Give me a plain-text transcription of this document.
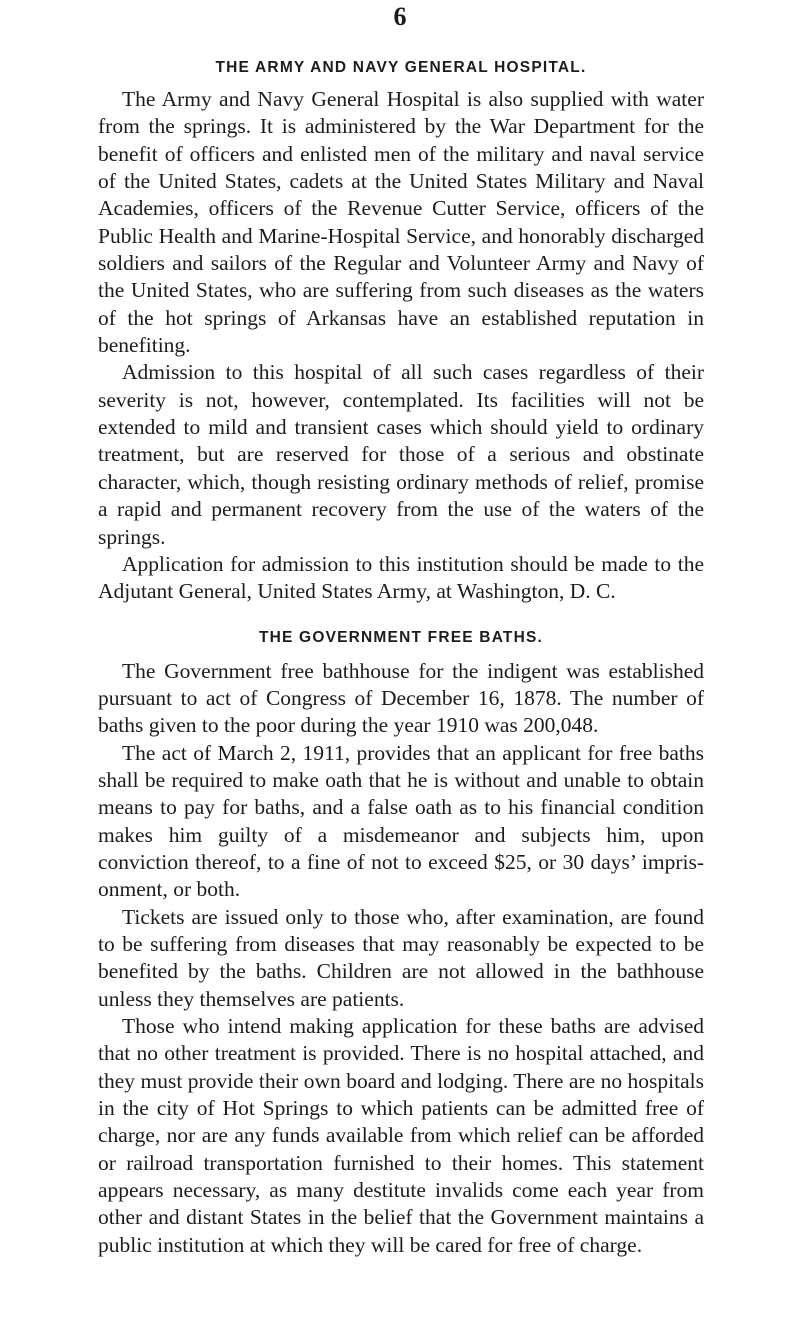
6
THE ARMY AND NAVY GENERAL HOSPITAL.

The Army and Navy General Hospital is also supplied with water from the springs. It is administered by the War Department for the benefit of officers and enlisted men of the military and naval service of the United States, cadets at the United States Military and Naval Academies, officers of the Revenue Cutter Service, officers of the Public Health and Marine-Hospital Service, and honorably discharged soldiers and sailors of the Regular and Volunteer Army and Navy of the United States, who are suffering from such diseases as the waters of the hot springs of Arkansas have an established reputation in benefiting.

Admission to this hospital of all such cases regardless of their severity is not, however, contemplated. Its facilities will not be extended to mild and transient cases which should yield to ordinary treatment, but are reserved for those of a serious and obstinate character, which, though resisting ordinary methods of relief, promise a rapid and permanent recovery from the use of the waters of the springs.

Application for admission to this institution should be made to the Adjutant General, United States Army, at Washington, D. C.

THE GOVERNMENT FREE BATHS.

The Government free bathhouse for the indigent was established pursuant to act of Congress of December 16, 1878. The number of baths given to the poor during the year 1910 was 200,048.

The act of March 2, 1911, provides that an applicant for free baths shall be required to make oath that he is without and unable to obtain means to pay for baths, and a false oath as to his financial condition makes him guilty of a misdemeanor and subjects him, upon conviction thereof, to a fine of not to exceed $25, or 30 days’ imprisonment, or both.

Tickets are issued only to those who, after examination, are found to be suffering from diseases that may reasonably be expected to be benefited by the baths. Children are not allowed in the bathhouse unless they themselves are patients.

Those who intend making application for these baths are advised that no other treatment is provided. There is no hospital attached, and they must provide their own board and lodging. There are no hospitals in the city of Hot Springs to which patients can be admitted free of charge, nor are any funds available from which relief can be afforded or railroad transportation furnished to their homes. This statement appears necessary, as many destitute invalids come each year from other and distant States in the belief that the Government maintains a public institution at which they will be cared for free of charge.
